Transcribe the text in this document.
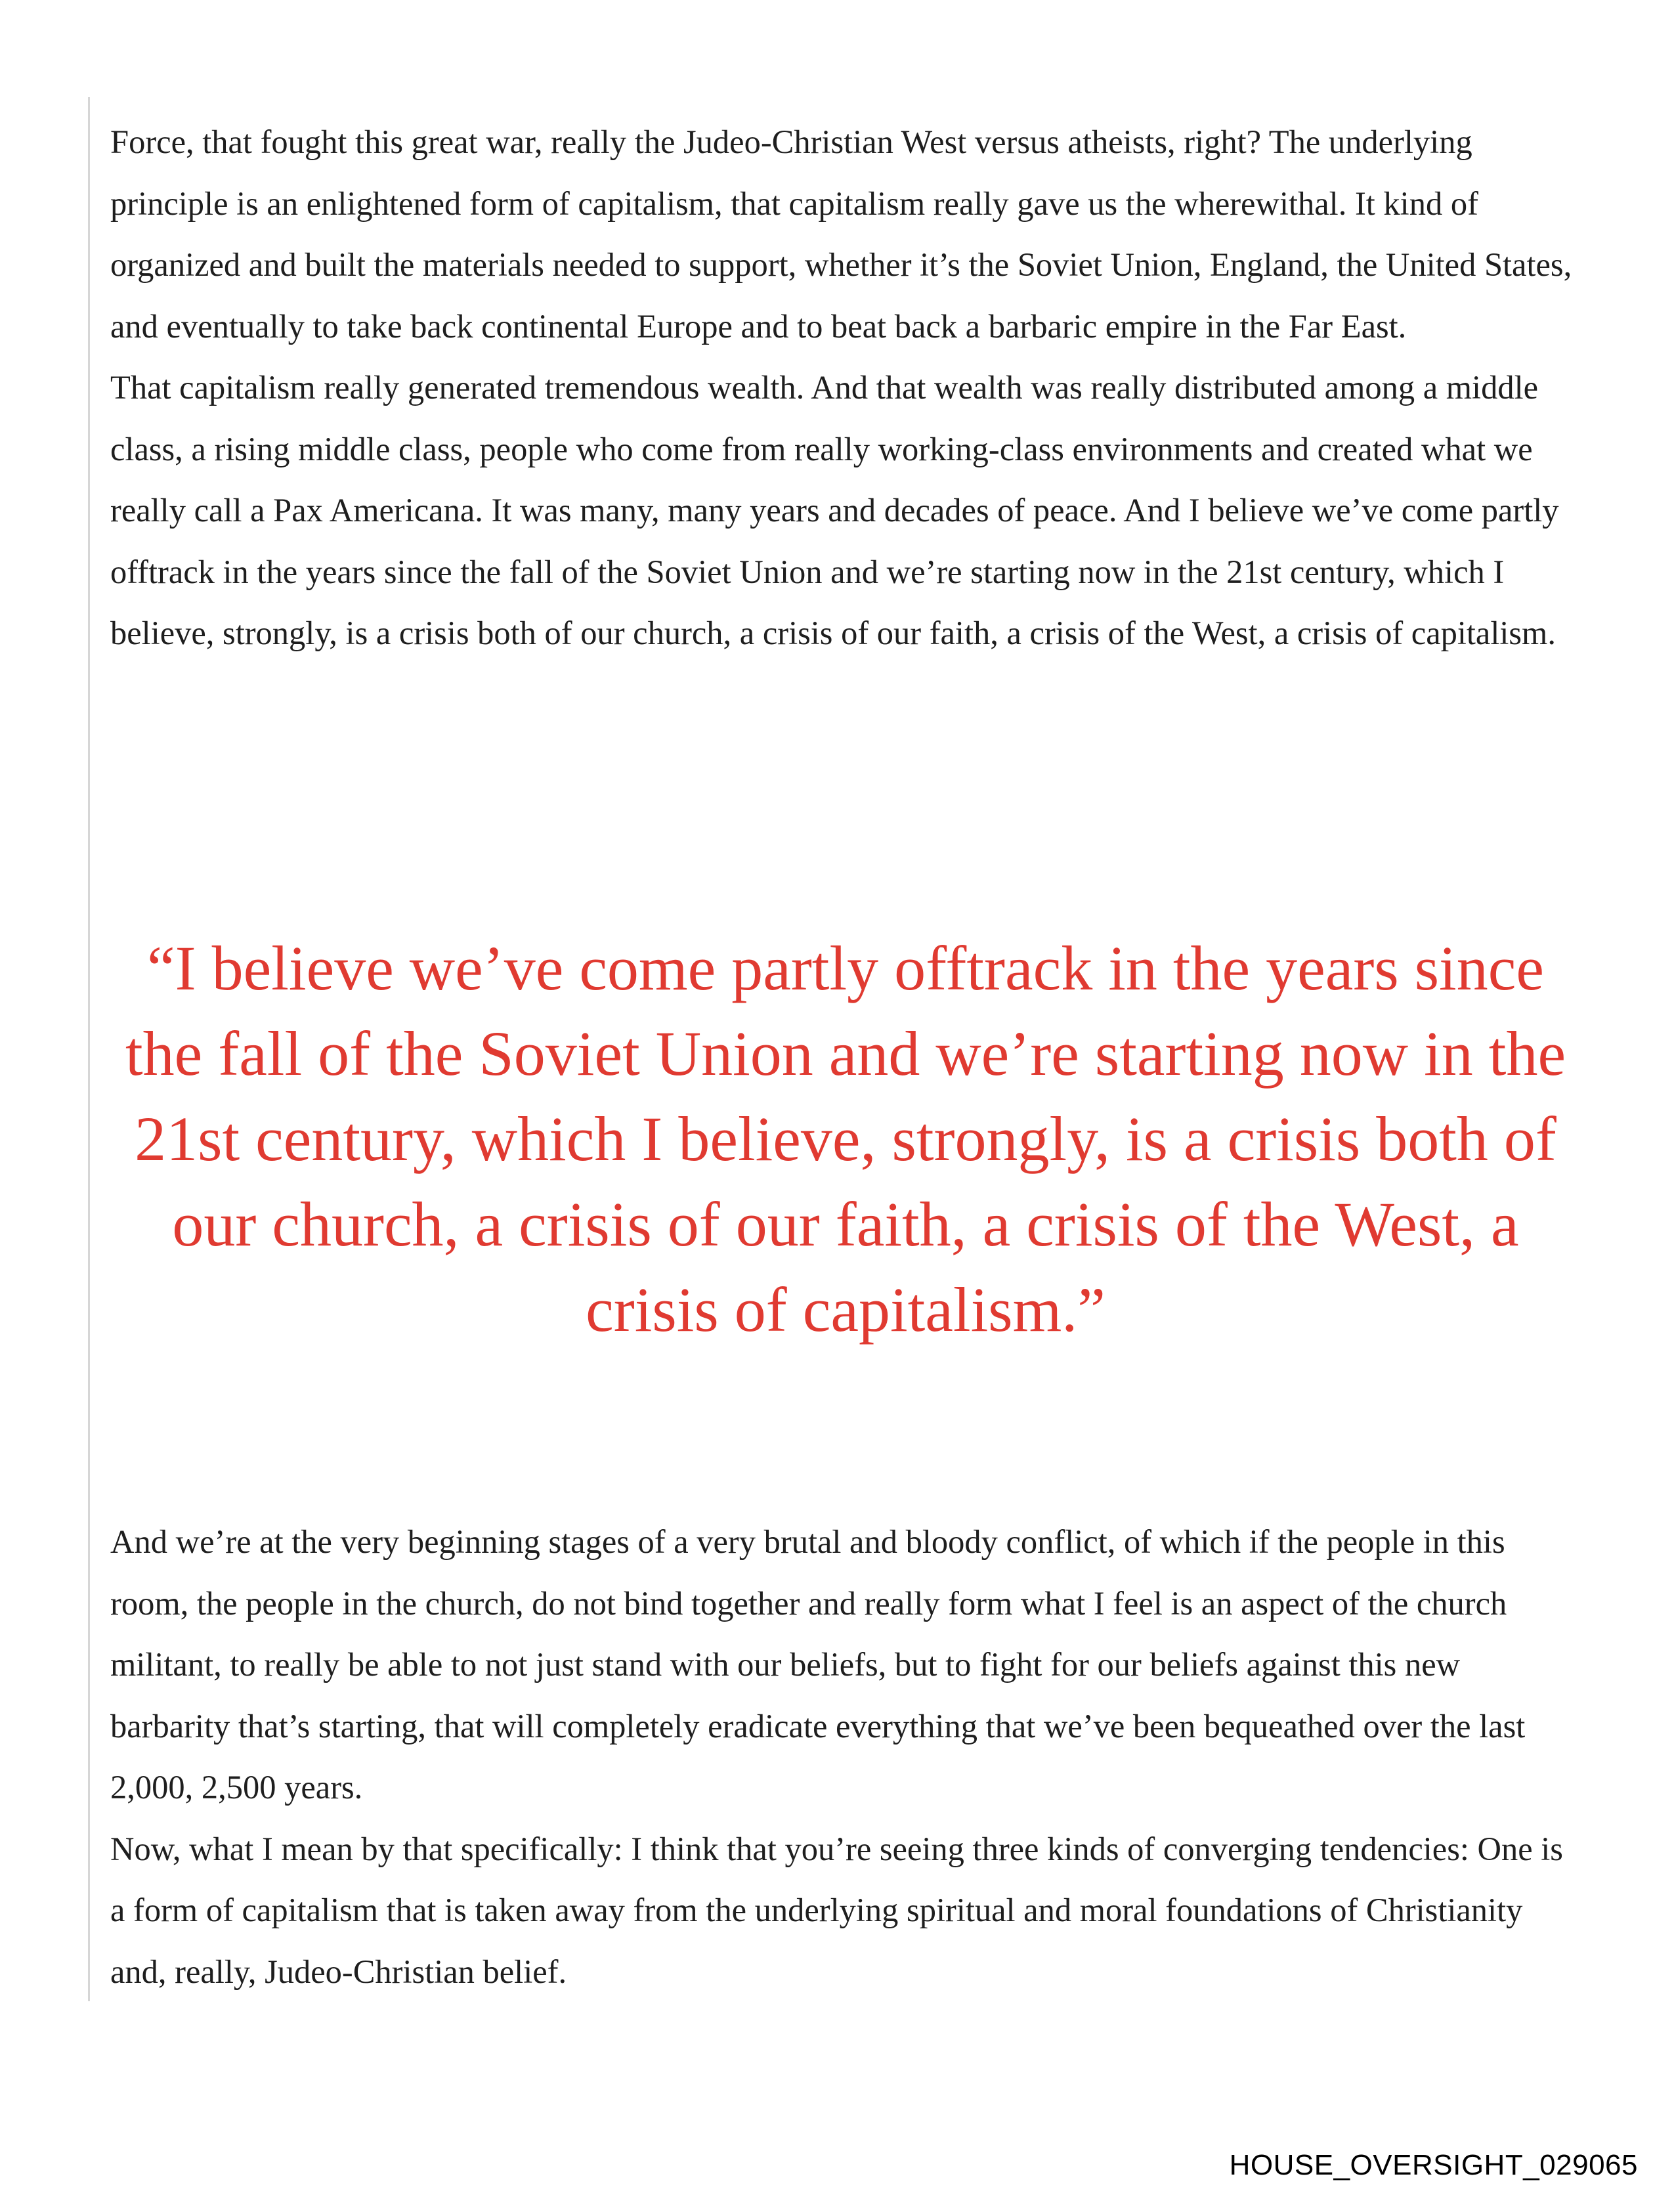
Force, that fought this great war, really the Judeo-Christian West versus atheists, right? The underlying principle is an enlightened form of capitalism, that capitalism really gave us the wherewithal. It kind of organized and built the materials needed to support, whether it’s the Soviet Union, England, the United States, and eventually to take back continental Europe and to beat back a barbaric empire in the Far East.

That capitalism really generated tremendous wealth. And that wealth was really distributed among a middle class, a rising middle class, people who come from really working-class environments and created what we really call a Pax Americana. It was many, many years and decades of peace. And I believe we’ve come partly offtrack in the years since the fall of the Soviet Union and we’re starting now in the 21st century, which I believe, strongly, is a crisis both of our church, a crisis of our faith, a crisis of the West, a crisis of capitalism.

“I believe we’ve come partly offtrack in the years since the fall of the Soviet Union and we’re starting now in the 21st century, which I believe, strongly, is a crisis both of our church, a crisis of our faith, a crisis of the West, a crisis of capitalism.”

And we’re at the very beginning stages of a very brutal and bloody conflict, of which if the people in this room, the people in the church, do not bind together and really form what I feel is an aspect of the church militant, to really be able to not just stand with our beliefs, but to fight for our beliefs against this new barbarity that’s starting, that will completely eradicate everything that we’ve been bequeathed over the last 2,000, 2,500 years.

Now, what I mean by that specifically: I think that you’re seeing three kinds of converging tendencies: One is a form of capitalism that is taken away from the underlying spiritual and moral foundations of Christianity and, really, Judeo-Christian belief.

HOUSE_OVERSIGHT_029065
